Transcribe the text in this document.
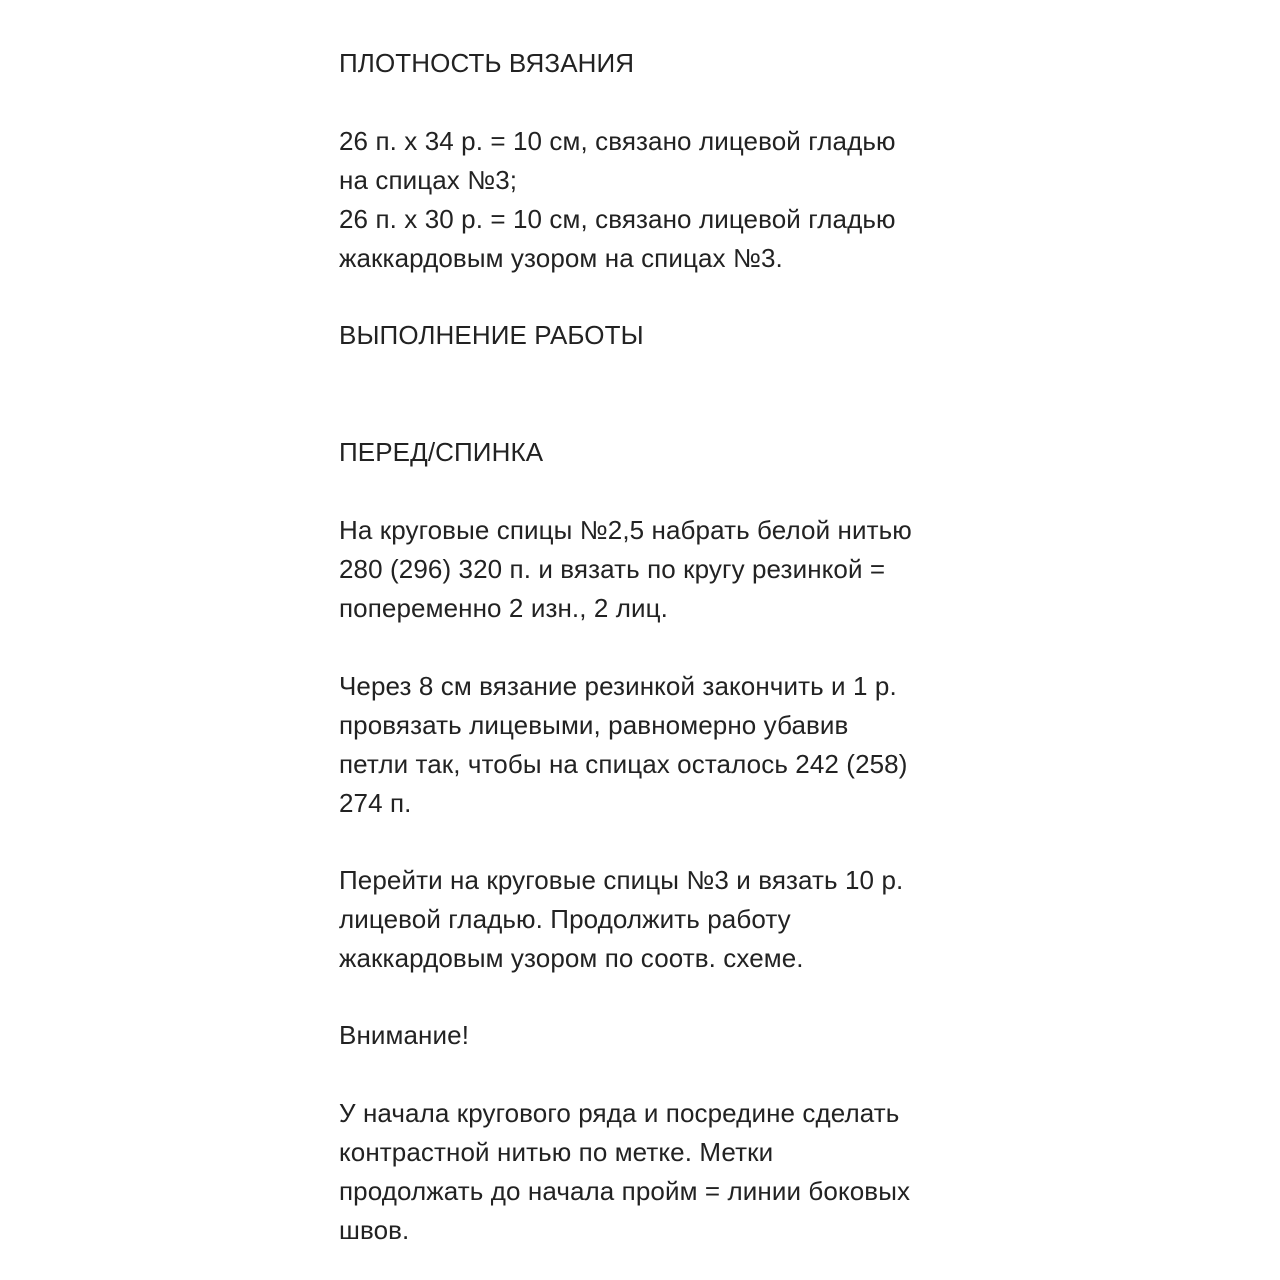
ПЛОТНОСТЬ ВЯЗАНИЯ
26 п. х 34 р. = 10 см, связано лицевой гладью
на спицах №3;
26 п. х 30 р. = 10 см, связано лицевой гладью
жаккардовым узором на спицах №3.
ВЫПОЛНЕНИЕ РАБОТЫ
ПЕРЕД/СПИНКА
На круговые спицы №2,5 набрать белой нитью
280 (296) 320 п. и вязать по кругу резинкой =
попеременно 2 изн., 2 лиц.
Через 8 см вязание резинкой закончить и 1 р.
провязать лицевыми, равномерно убавив
петли так, чтобы на спицах осталось 242 (258)
274 п.
Перейти на круговые спицы №3 и вязать 10 р.
лицевой гладью. Продолжить работу
жаккардовым узором по соотв. схеме.
Внимание!
У начала кругового ряда и посредине сделать
контрастной нитью по метке. Метки
продолжать до начала пройм = линии боковых
швов.
